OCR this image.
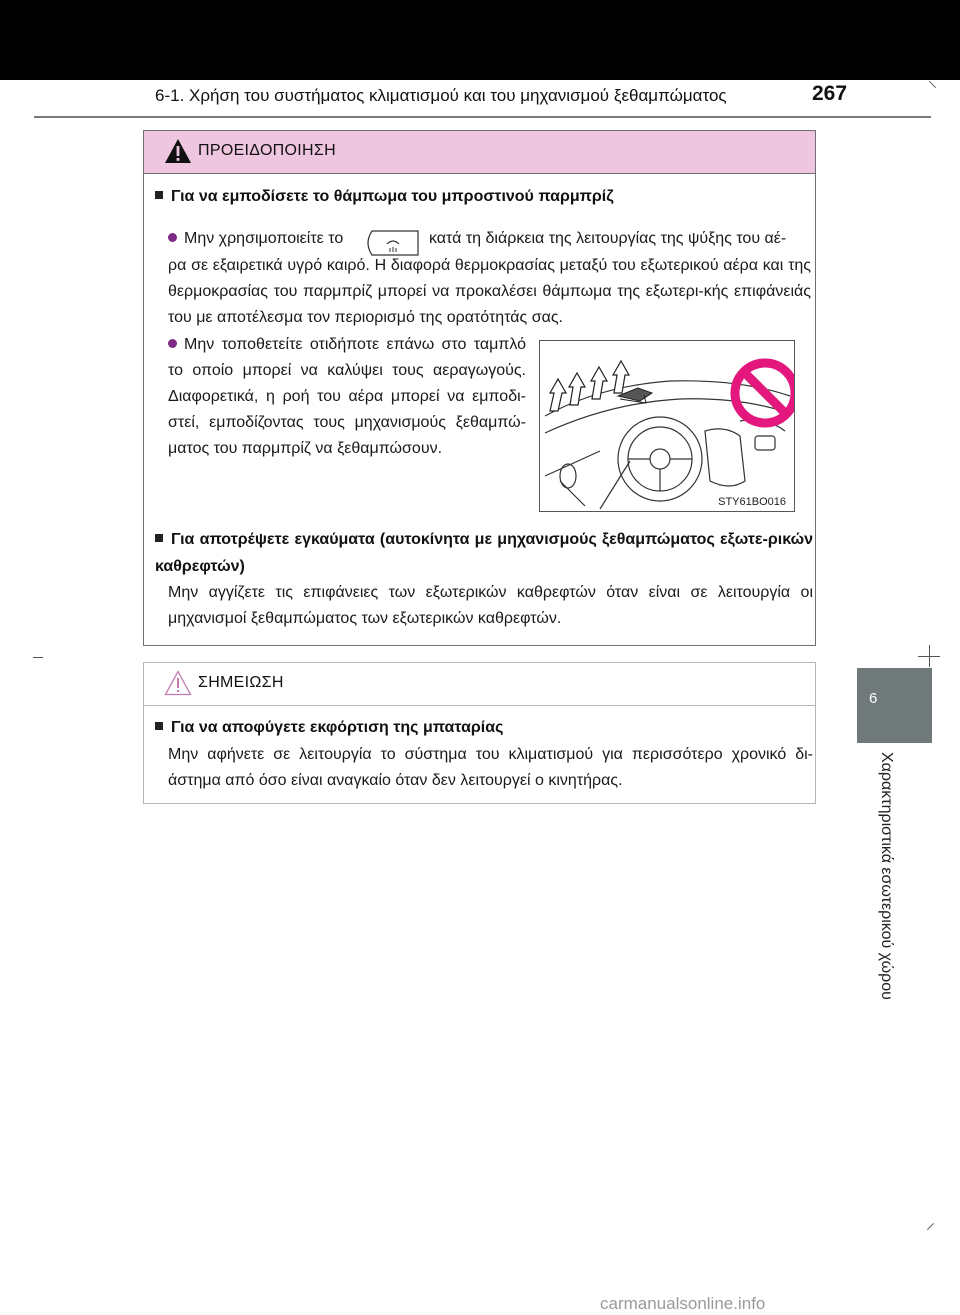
6-1. Χρήση του συστήματος κλιματισμού και του μηχανισμού ξεθαμπώματος	267
ΠΡΟΕΙΔΟΠΟΙΗΣΗ
Για να εμποδίσετε το θάμπωμα του μπροστινού παρμπρίζ
Μην χρησιμοποιείτε το	κατά τη διάρκεια της λειτουργίας της ψύξης του αέ-
ρα σε εξαιρετικά υγρό καιρό. Η διαφορά θερμοκρασίας μεταξύ του εξωτερικού αέρα και της θερμοκρασίας του παρμπρίζ μπορεί να προκαλέσει θάμπωμα της εξωτερι-κής επιφάνειάς του με αποτέλεσμα τον περιορισμό της ορατότητάς σας.
Μην τοποθετείτε οτιδήποτε επάνω στο ταμπλό το οποίο μπορεί να καλύψει τους αεραγωγούς. Διαφορετικά, η ροή του αέρα μπορεί να εμποδι-στεί, εμποδίζοντας τους μηχανισμούς ξεθαμπώ-ματος του παρμπρίζ να ξεθαμπώσουν.
STY61BO016
Για αποτρέψετε εγκαύματα (αυτοκίνητα με μηχανισμούς ξεθαμπώματος εξωτε-ρικών καθρεφτών)
Μην αγγίζετε τις επιφάνειες των εξωτερικών καθρεφτών όταν είναι σε λειτουργία οι μηχανισμοί ξεθαμπώματος των εξωτερικών καθρεφτών.
ΣΗΜΕΙΩΣΗ
Για να αποφύγετε εκφόρτιση της μπαταρίας
Μην αφήνετε σε λειτουργία το σύστημα του κλιματισμού για περισσότερο χρονικό δι-άστημα από όσο είναι αναγκαίο όταν δεν λειτουργεί ο κινητήρας.
6
Χαρακτηριστικά εσωτερικού χώρου
carmanualsonline.info
